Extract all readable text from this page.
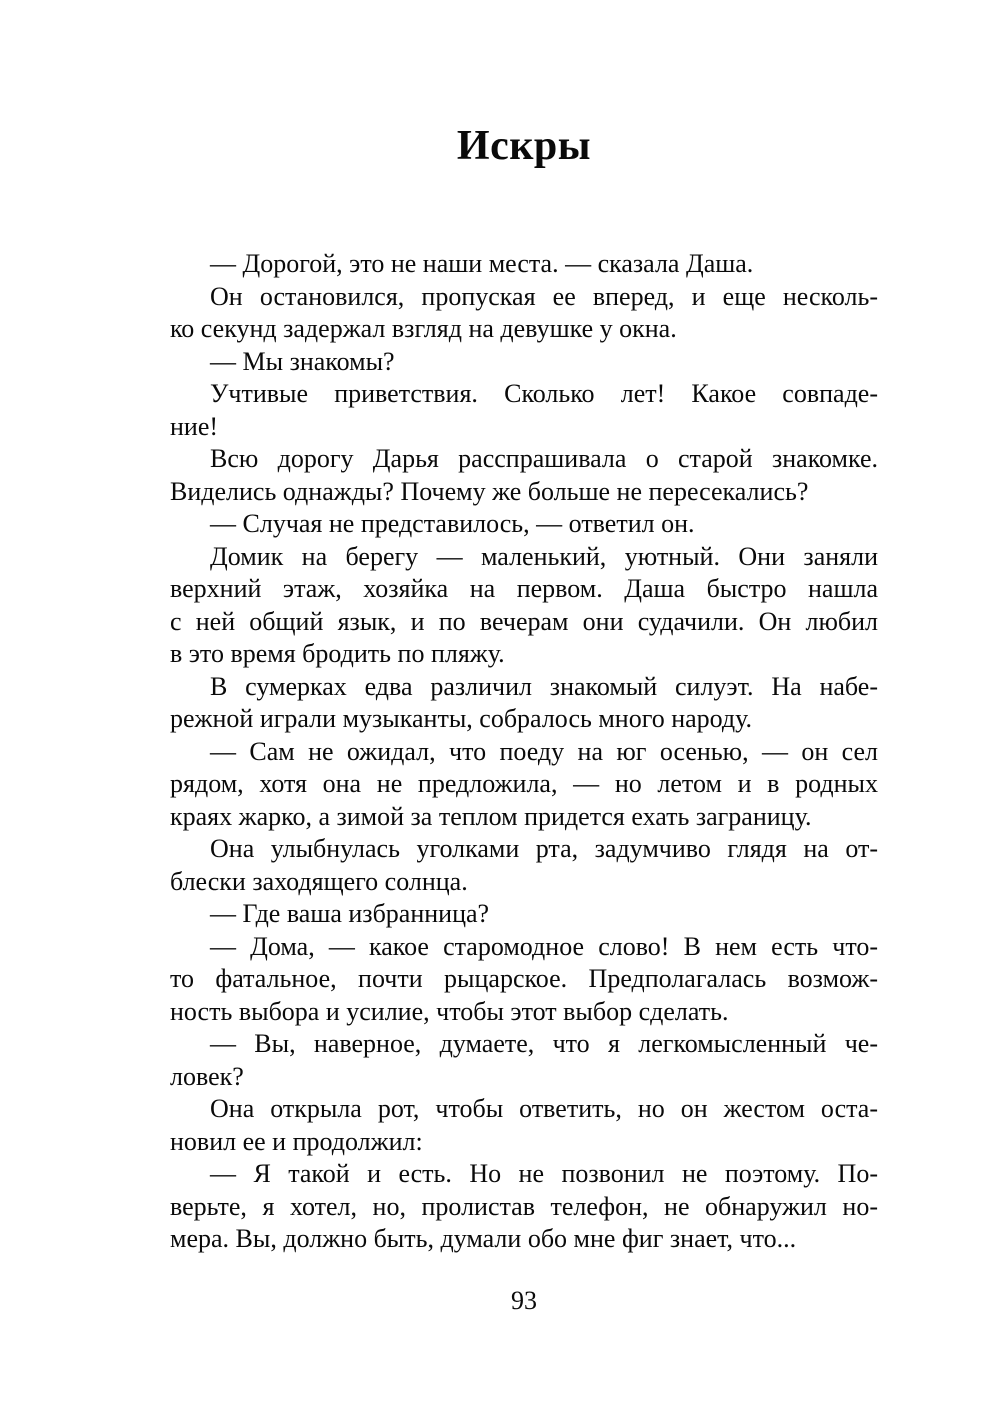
Искры
— Дорогой, это не наши места. — сказала Даша.
Он остановился, пропуская ее вперед, и еще несколь-
ко секунд задержал взгляд на девушке у окна.
— Мы знакомы?
Учтивые приветствия. Сколько лет! Какое совпаде-
ние!
Всю дорогу Дарья расспрашивала о старой знакомке.
Виделись однажды? Почему же больше не пересекались?
— Случая не представилось, — ответил он.
Домик на берегу — маленький, уютный. Они заняли
верхний этаж, хозяйка на первом. Даша быстро нашла
с ней общий язык, и по вечерам они судачили. Он любил
в это время бродить по пляжу.
В сумерках едва различил знакомый силуэт. На набе-
режной играли музыканты, собралось много народу.
— Сам не ожидал, что поеду на юг осенью, — он сел
рядом, хотя она не предложила, — но летом и в родных
краях жарко, а зимой за теплом придется ехать заграницу.
Она улыбнулась уголками рта, задумчиво глядя на от-
блески заходящего солнца.
— Где ваша избранница?
— Дома, — какое старомодное слово! В нем есть что-
то фатальное, почти рыцарское. Предполагалась возмож-
ность выбора и усилие, чтобы этот выбор сделать.
— Вы, наверное, думаете, что я легкомысленный че-
ловек?
Она открыла рот, чтобы ответить, но он жестом оста-
новил ее и продолжил:
— Я такой и есть. Но не позвонил не поэтому. По-
верьте, я хотел, но, пролистав телефон, не обнаружил но-
мера. Вы, должно быть, думали обо мне фиг знает, что...
93
